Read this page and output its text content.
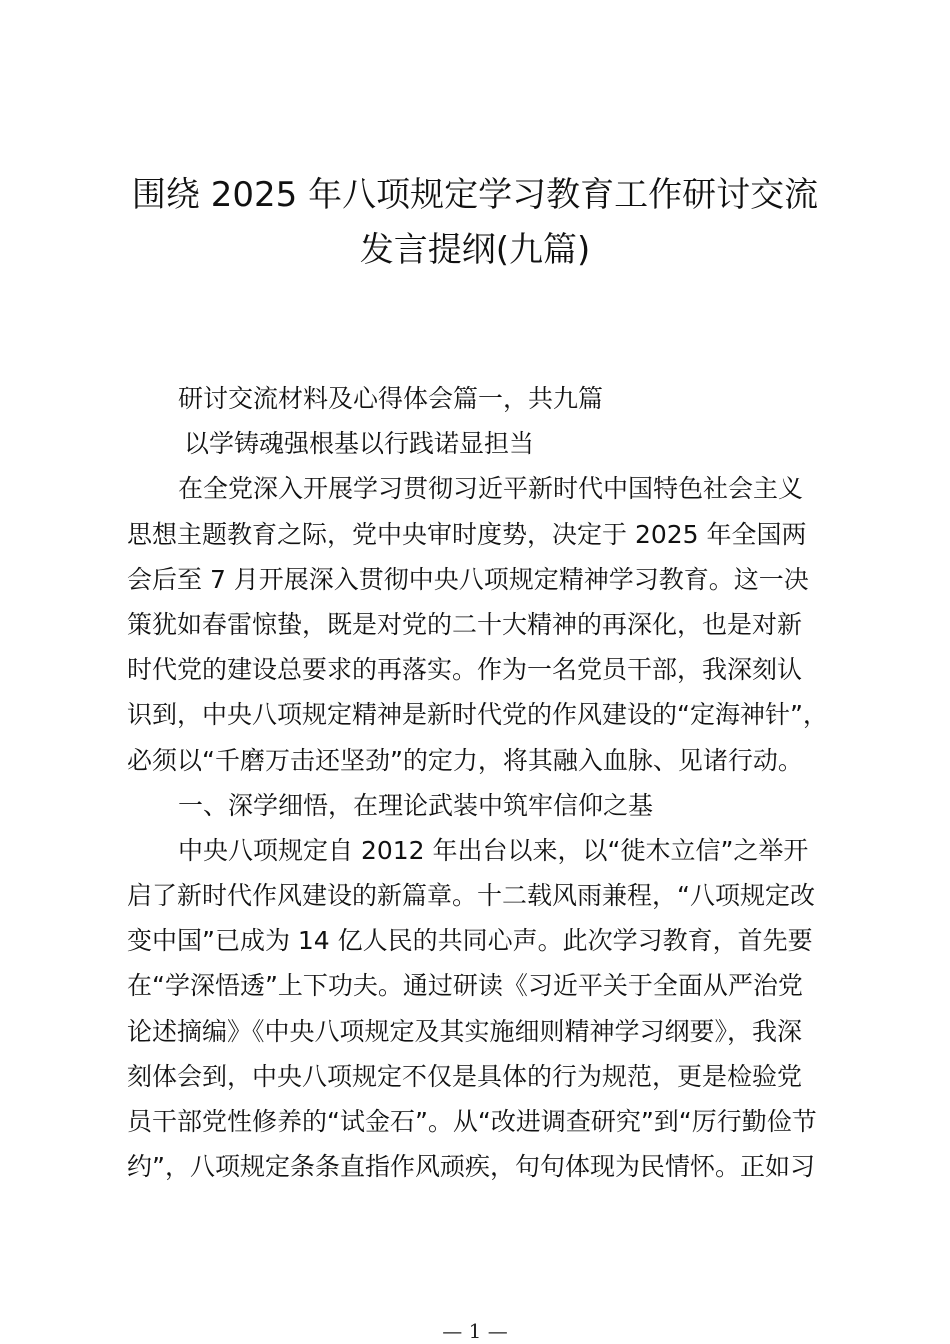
围绕 2025 年八项规定学习教育工作研讨交流
发言提纲(九篇)
研讨交流材料及心得体会篇一，共九篇
以学铸魂强根基以行践诺显担当
在全党深入开展学习贯彻习近平新时代中国特色社会主义
思想主题教育之际，党中央审时度势，决定于 2025 年全国两
会后至 7 月开展深入贯彻中央八项规定精神学习教育。这一决
策犹如春雷惊蛰，既是对党的二十大精神的再深化，也是对新
时代党的建设总要求的再落实。作为一名党员干部，我深刻认
识到，中央八项规定精神是新时代党的作风建设的“定海神针”，
必须以“千磨万击还坚劲”的定力，将其融入血脉、见诸行动。
一、深学细悟，在理论武装中筑牢信仰之基
中央八项规定自 2012 年出台以来，以“徙木立信”之举开
启了新时代作风建设的新篇章。十二载风雨兼程，“八项规定改
变中国”已成为 14 亿人民的共同心声。此次学习教育，首先要
在“学深悟透”上下功夫。通过研读《习近平关于全面从严治党
论述摘编》《中央八项规定及其实施细则精神学习纲要》，我深
刻体会到，中央八项规定不仅是具体的行为规范，更是检验党
员干部党性修养的“试金石”。从“改进调查研究”到“厉行勤俭节
约”，八项规定条条直指作风顽疾，句句体现为民情怀。正如习
— 1 —
